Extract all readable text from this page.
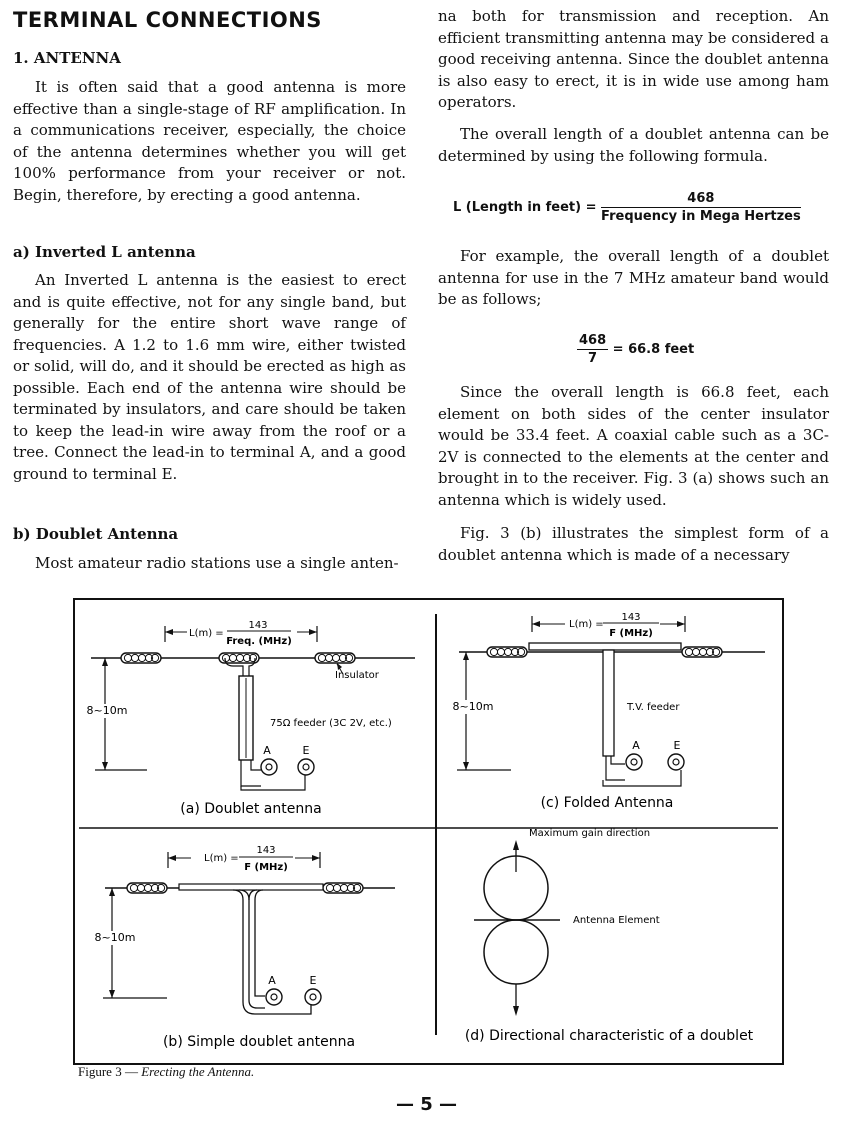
TERMINAL CONNECTIONS
1. ANTENNA
It is often said that a good antenna is more effective than a single-stage of RF amplification. In a communications receiver, especially, the choice of the antenna determines whether you will get 100% performance from your receiver or not. Begin, therefore, by erecting a good antenna.
a) Inverted L antenna
An Inverted L antenna is the easiest to erect and is quite effective, not for any single band, but generally for the entire short wave range of frequencies. A 1.2 to 1.6 mm wire, either twisted or solid, will do, and it should be erected as high as possible. Each end of the antenna wire should be terminated by insulators, and care should be taken to keep the lead-in wire away from the roof or a tree. Connect the lead-in to terminal A, and a good ground to terminal E.
b) Doublet Antenna
Most amateur radio stations use a single anten-
na both for transmission and reception. An efficient transmitting antenna may be considered a good receiving antenna. Since the doublet antenna is also easy to erect, it is in wide use among ham operators.
The overall length of a doublet antenna can be determined by using the following formula.
L (Length in feet) = $\frac{468}{\text{Frequency in Mega Hertzes}}$
For example, the overall length of a doublet antenna for use in the 7 MHz amateur band would be as follows;
$\frac{468}{7} = 66.8$ feet
Since the overall length is 66.8 feet, each element on both sides of the center insulator would be 33.4 feet. A coaxial cable such as a 3C-2V is connected to the elements at the center and brought in to the receiver. Fig. 3 (a) shows such an antenna which is widely used.
Fig. 3 (b) illustrates the simplest form of a doublet antenna which is made of a necessary
L(m) =
143
Freq. (MHz)
Insulator
A	E
8~10m
75Ω feeder (3C 2V, etc.)
(a) Doublet antenna
L(m) =
143
F (MHz)
A	E
8~10m	T.V. feeder
(c) Folded Antenna
L(m) =
143
F (MHz)
A	E
8~10m
(b) Simple doublet antenna
Maximum gain direction
Antenna Element
(d) Directional characteristic of a doublet
Figure 3 — Erecting the Antenna.
— 5 —
